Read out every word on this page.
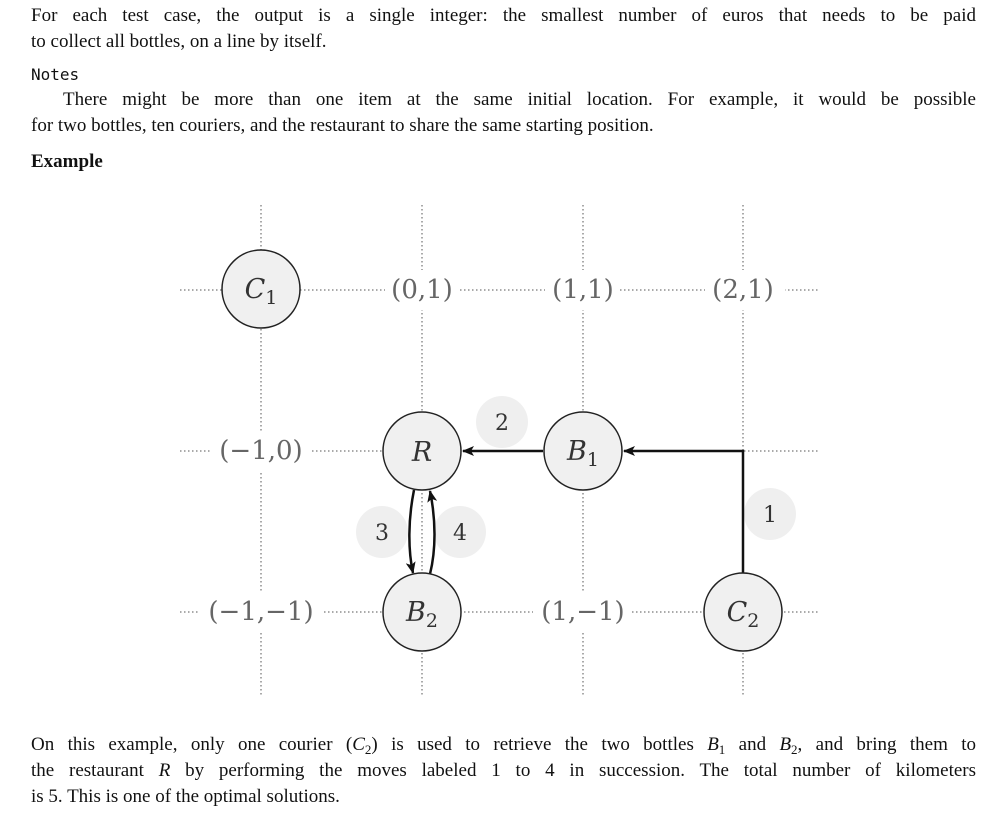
For each test case, the output is a single integer: the smallest number of euros that needs to be paid
to collect all bottles, on a line by itself.
Notes
There might be more than one item at the same initial location. For example, it would be possible
for two bottles, ten couriers, and the restaurant to share the same starting position.
Example
(0,1)	(1,1)	(2,1)
(−1,0)
(−1,−1)	(1,−1)
1
2
3	4
C1
R	B1
B2	C2
On this example, only one courier $(C_2)$ is used to retrieve the two bottles $B_1$ and $B_2$, and bring them to
the restaurant R by performing the moves labeled 1 to 4 in succession. The total number of kilometers
is 5. This is one of the optimal solutions.
